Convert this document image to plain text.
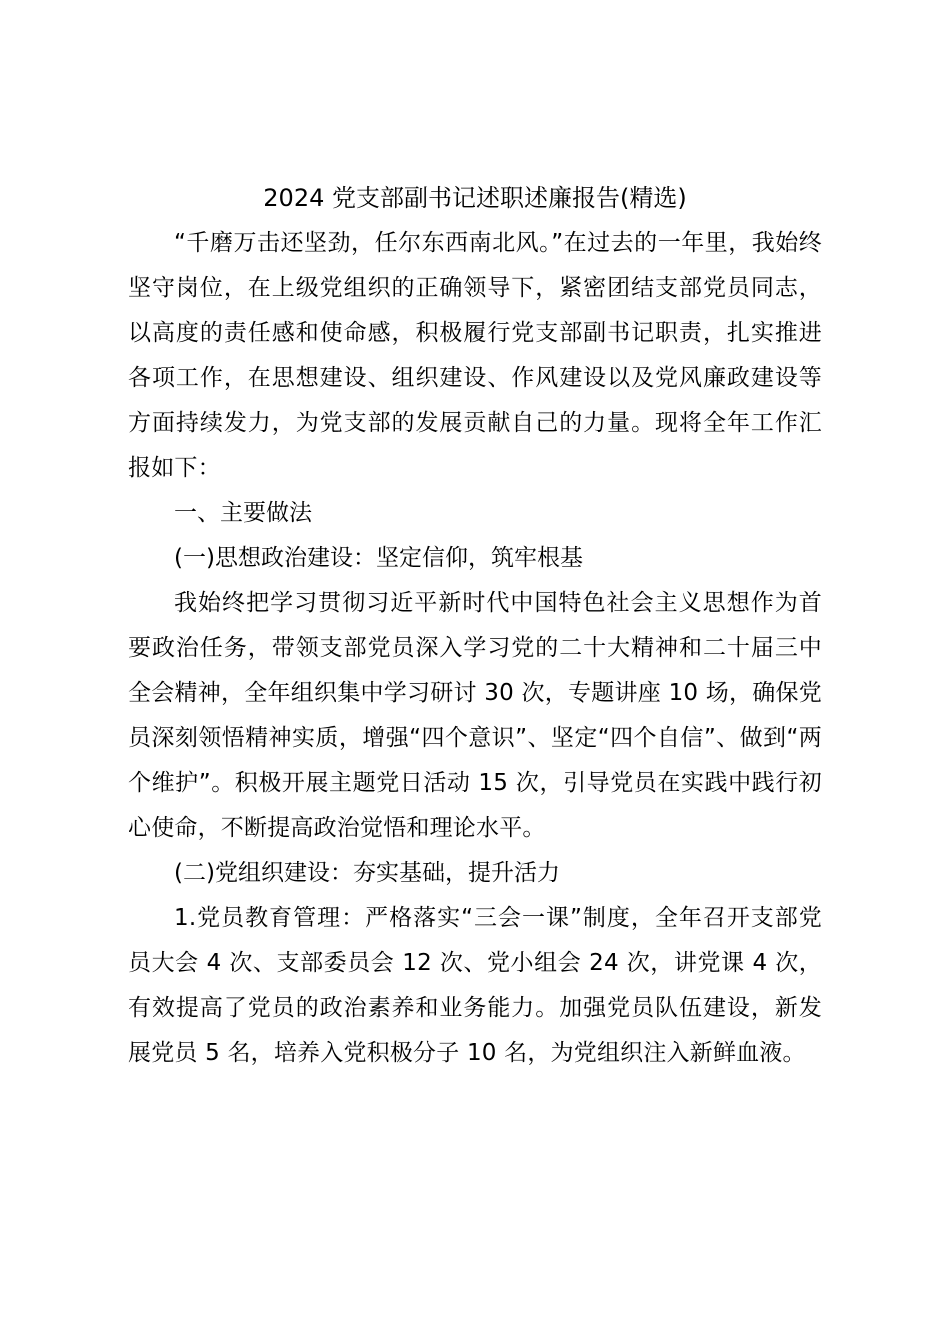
2024 党支部副书记述职述廉报告(精选)

“千磨万击还坚劲，任尔东西南北风。”在过去的一年里，我始终坚守岗位，在上级党组织的正确领导下，紧密团结支部党员同志，以高度的责任感和使命感，积极履行党支部副书记职责，扎实推进各项工作，在思想建设、组织建设、作风建设以及党风廉政建设等方面持续发力，为党支部的发展贡献自己的力量。现将全年工作汇报如下：

一、主要做法

(一)思想政治建设：坚定信仰，筑牢根基

我始终把学习贯彻习近平新时代中国特色社会主义思想作为首要政治任务，带领支部党员深入学习党的二十大精神和二十届三中全会精神，全年组织集中学习研讨 30 次，专题讲座 10 场，确保党员深刻领悟精神实质，增强“四个意识”、坚定“四个自信”、做到“两个维护”。积极开展主题党日活动 15 次，引导党员在实践中践行初心使命，不断提高政治觉悟和理论水平。

(二)党组织建设：夯实基础，提升活力

1.党员教育管理：严格落实“三会一课”制度，全年召开支部党员大会 4 次、支部委员会 12 次、党小组会 24 次，讲党课 4 次，有效提高了党员的政治素养和业务能力。加强党员队伍建设，新发展党员 5 名，培养入党积极分子 10 名，为党组织注入新鲜血液。
